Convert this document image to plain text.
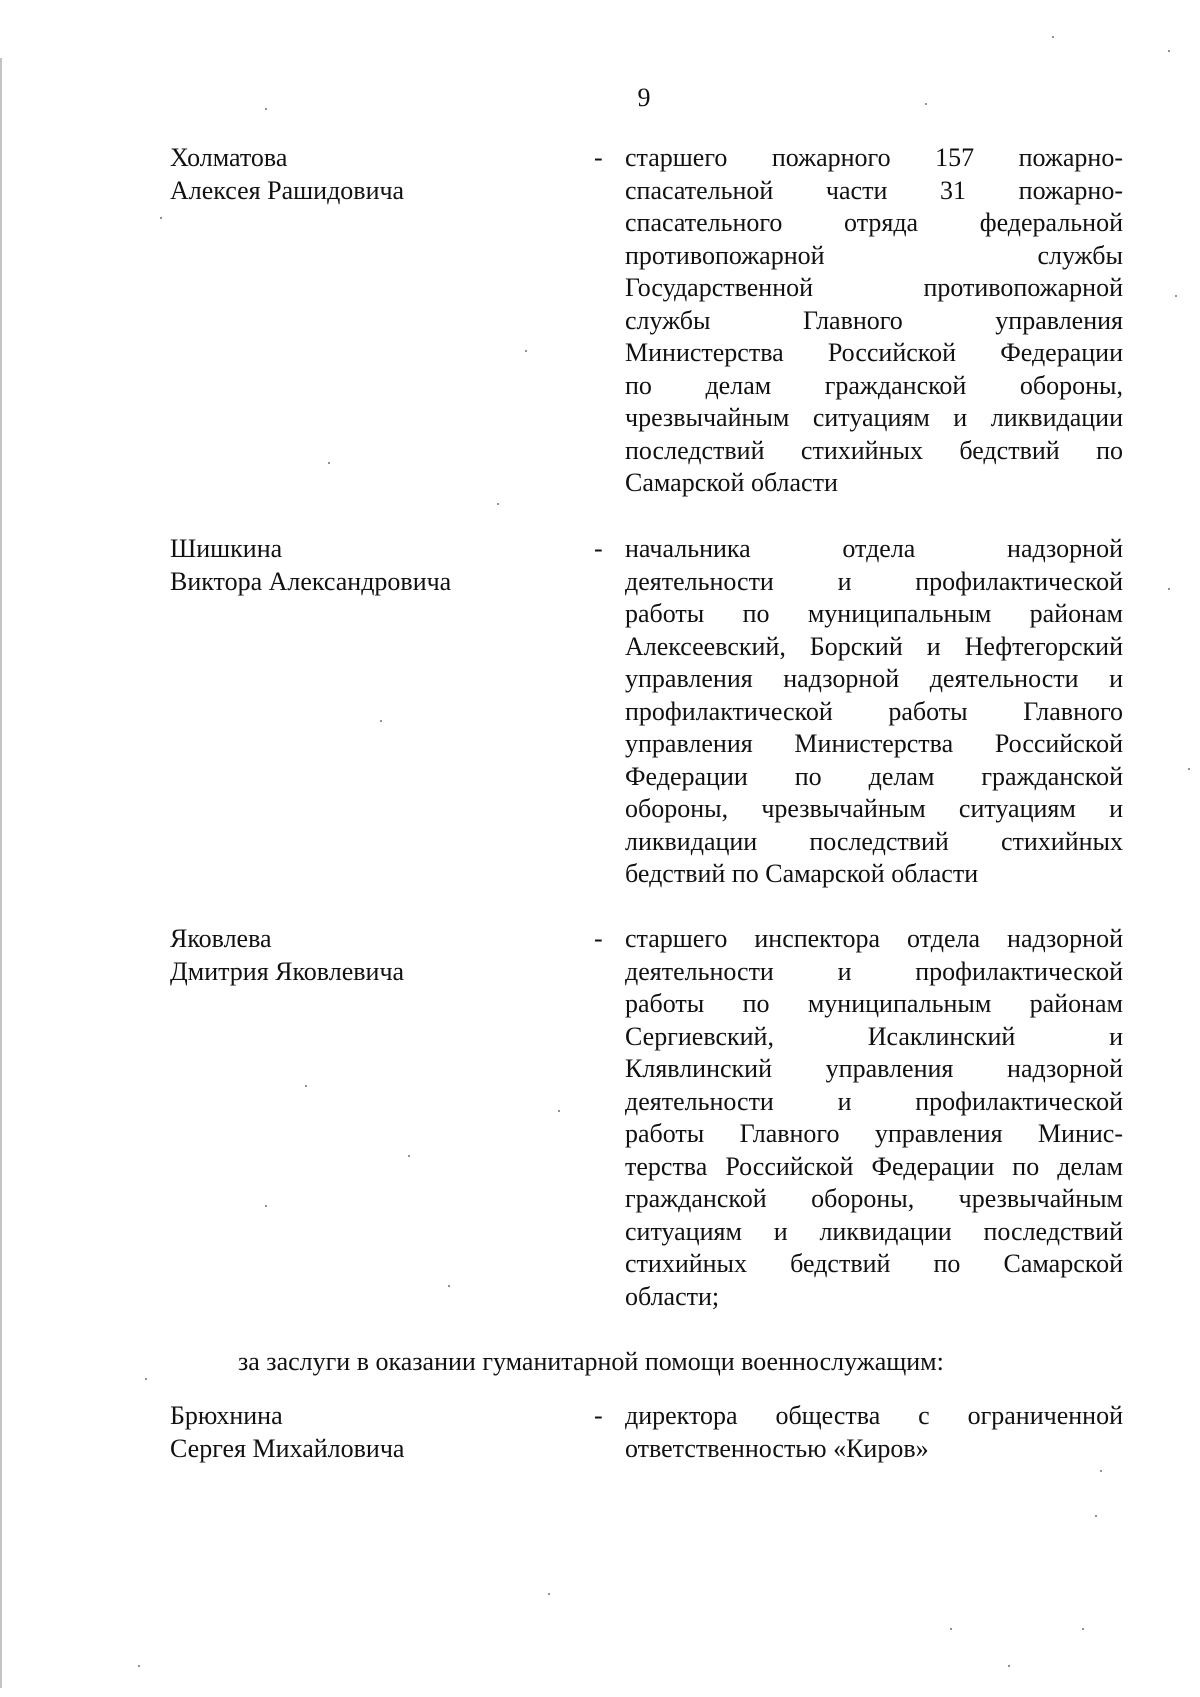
9
Холматова
Алексея Рашидовича
- старшего пожарного 157 пожарно-
спасательной части 31 пожарно-
спасательного отряда федеральной
противопожарной службы
Государственной противопожарной
службы Главного управления
Министерства Российской Федерации
по делам гражданской обороны,
чрезвычайным ситуациям и ликвидации
последствий стихийных бедствий по
Самарской области
Шишкина
Виктора Александровича
- начальника отдела надзорной
деятельности и профилактической
работы по муниципальным районам
Алексеевский, Борский и Нефтегорский
управления надзорной деятельности и
профилактической работы Главного
управления Министерства Российской
Федерации по делам гражданской
обороны, чрезвычайным ситуациям и
ликвидации последствий стихийных
бедствий по Самарской области
Яковлева
Дмитрия Яковлевича
- старшего инспектора отдела надзорной
деятельности и профилактической
работы по муниципальным районам
Сергиевский, Исаклинский и
Клявлинский управления надзорной
деятельности и профилактической
работы Главного управления Минис-
терства Российской Федерации по делам
гражданской обороны, чрезвычайным
ситуациям и ликвидации последствий
стихийных бедствий по Самарской
области;
за заслуги в оказании гуманитарной помощи военнослужащим:
Брюхнина
Сергея Михайловича
- директора общества с ограниченной
ответственностью «Киров»
